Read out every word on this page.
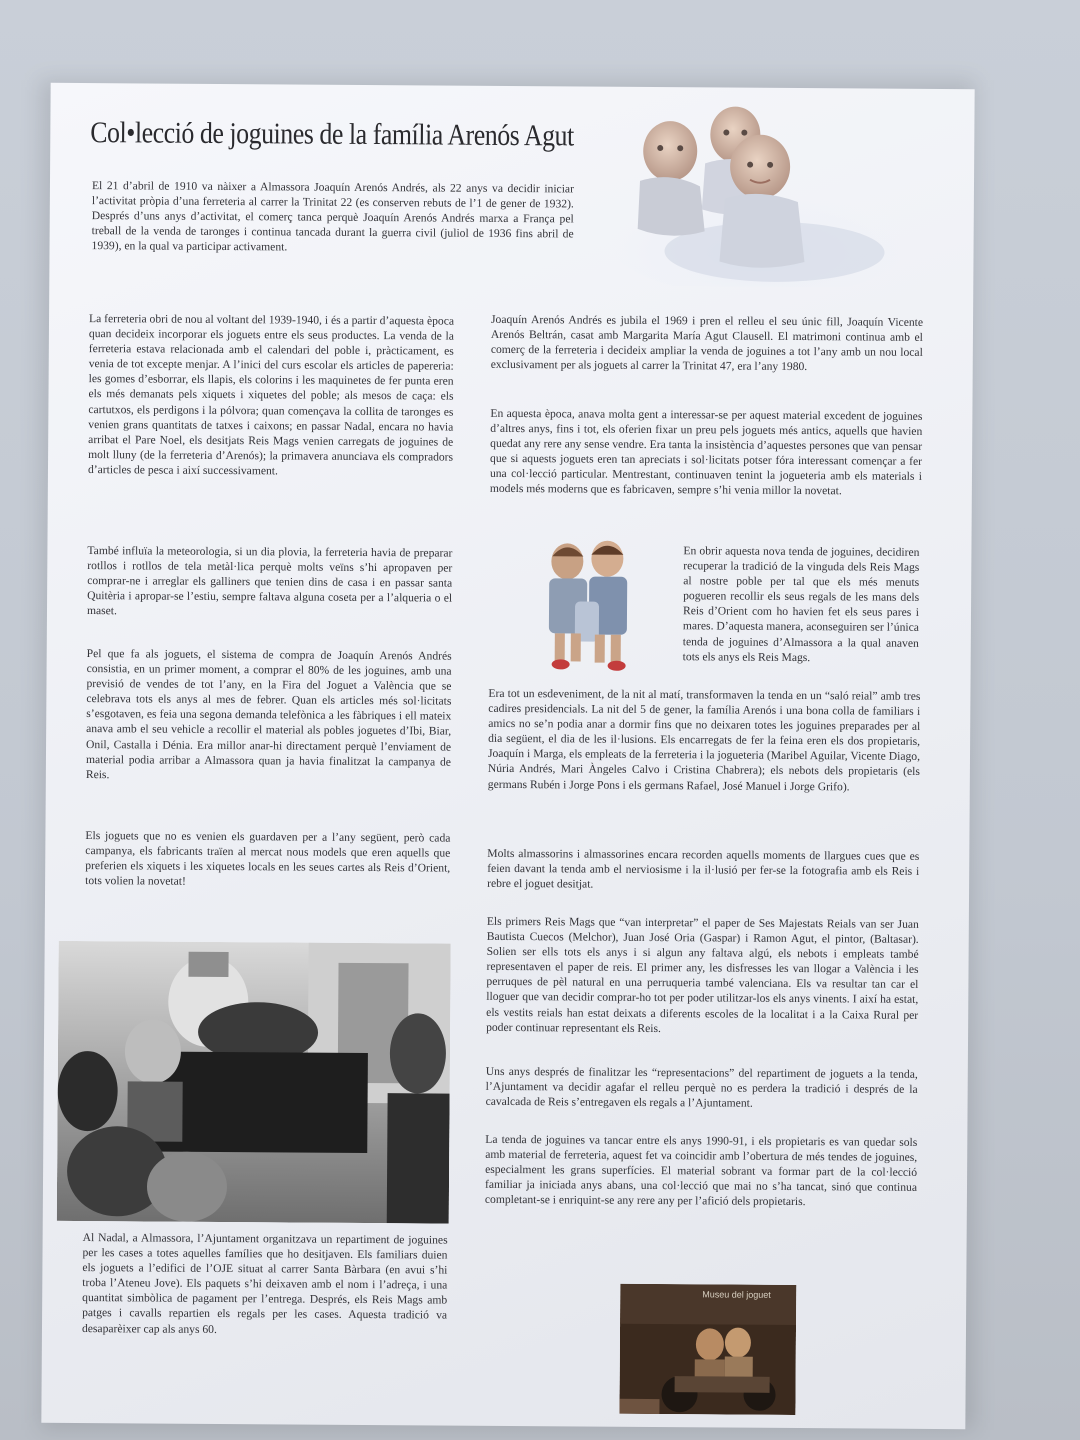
Col•lecció de joguines de la família Arenós Agut

El 21 d’abril de 1910 va nàixer a Almassora Joaquín Arenós Andrés, als 22 anys va decidir iniciar l’activitat pròpia d’una ferreteria al carrer la Trinitat 22 (es conserven rebuts de l’1 de gener de 1932). Després d’uns anys d’activitat, el comerç tanca perquè Joaquín Arenós Andrés marxa a França pel treball de la venda de taronges i continua tancada durant la guerra civil (juliol de 1936 fins abril de 1939), en la qual va participar activament.

La ferreteria obri de nou al voltant del 1939-1940, i és a partir d’aquesta època quan decideix incorporar els joguets entre els seus productes. La venda de la ferreteria estava relacionada amb el calendari del poble i, pràcticament, es venia de tot excepte menjar. A l’inici del curs escolar els articles de papereria: les gomes d’esborrar, els llapis, els colorins i les maquinetes de fer punta eren els més demanats pels xiquets i xiquetes del poble; als mesos de caça: els cartutxos, els perdigons i la pólvora; quan començava la collita de taronges es venien grans quantitats de tatxes i caixons; en passar Nadal, encara no havia arribat el Pare Noel, els desitjats Reis Mags venien carregats de joguines de molt lluny (de la ferreteria d’Arenós); la primavera anunciava els compradors d’articles de pesca i així successivament.

També influïa la meteorologia, si un dia plovia, la ferreteria havia de preparar rotllos i rotllos de tela metàl·lica perquè molts veïns s’hi apropaven per comprar-ne i arreglar els galliners que tenien dins de casa i en passar santa Quitèria i apropar-se l’estiu, sempre faltava alguna coseta per a l’alqueria o el maset.

Pel que fa als joguets, el sistema de compra de Joaquín Arenós Andrés consistia, en un primer moment, a comprar el 80% de les joguines, amb una previsió de vendes de tot l’any, en la Fira del Joguet a València que se celebrava tots els anys al mes de febrer. Quan els articles més sol·licitats s’esgotaven, es feia una segona demanda telefònica a les fàbriques i ell mateix anava amb el seu vehicle a recollir el material als pobles joguetes d’Ibi, Biar, Onil, Castalla i Dénia. Era millor anar-hi directament perquè l’enviament de material podia arribar a Almassora quan ja havia finalitzat la campanya de Reis.

Els joguets que no es venien els guardaven per a l’any següent, però cada campanya, els fabricants traïen al mercat nous models que eren aquells que preferien els xiquets i les xiquetes locals en les seues cartes als Reis d’Orient, tots volien la novetat!

Al Nadal, a Almassora, l’Ajuntament organitzava un repartiment de joguines per les cases a totes aquelles famílies que ho desitjaven. Els familiars duien els joguets a l’edifici de l’OJE situat al carrer Santa Bàrbara (en avui s’hi troba l’Ateneu Jove). Els paquets s’hi deixaven amb el nom i l’adreça, i una quantitat simbòlica de pagament per l’entrega. Després, els Reis Mags amb patges i cavalls repartien els regals per les cases. Aquesta tradició va desaparèixer cap als anys 60.

Joaquín Arenós Andrés es jubila el 1969 i pren el relleu el seu únic fill, Joaquín Vicente Arenós Beltrán, casat amb Margarita María Agut Clausell. El matrimoni continua amb el comerç de la ferreteria i decideix ampliar la venda de joguines a tot l’any amb un nou local exclusivament per als joguets al carrer la Trinitat 47, era l’any 1980.

En aquesta època, anava molta gent a interessar-se per aquest material excedent de joguines d’altres anys, fins i tot, els oferien fixar un preu pels joguets més antics, aquells que havien quedat any rere any sense vendre. Era tanta la insistència d’aquestes persones que van pensar que si aquests joguets eren tan apreciats i sol·licitats potser fóra interessant començar a fer una col·lecció particular. Mentrestant, continuaven tenint la jogueteria amb els materials i models més moderns que es fabricaven, sempre s’hi venia millor la novetat.

En obrir aquesta nova tenda de joguines, decidiren recuperar la tradició de la vinguda dels Reis Mags al nostre poble per tal que els més menuts pogueren recollir els seus regals de les mans dels Reis d’Orient com ho havien fet els seus pares i mares. D’aquesta manera, aconseguiren ser l’única tenda de joguines d’Almassora a la qual anaven tots els anys els Reis Mags.

Era tot un esdeveniment, de la nit al matí, transformaven la tenda en un “saló reial” amb tres cadires presidencials. La nit del 5 de gener, la família Arenós i una bona colla de familiars i amics no se’n podia anar a dormir fins que no deixaren totes les joguines preparades per al dia següent, el dia de les il·lusions. Els encarregats de fer la feina eren els dos propietaris, Joaquín i Marga, els empleats de la ferreteria i la jogueteria (Maribel Aguilar, Vicente Diago, Núria Andrés, Mari Àngeles Calvo i Cristina Chabrera); els nebots dels propietaris (els germans Rubén i Jorge Pons i els germans Rafael, José Manuel i Jorge Grifo).

Molts almassorins i almassorines encara recorden aquells moments de llargues cues que es feien davant la tenda amb el nerviosisme i la il·lusió per fer-se la fotografia amb els Reis i rebre el joguet desitjat.

Els primers Reis Mags que “van interpretar” el paper de Ses Majestats Reials van ser Juan Bautista Cuecos (Melchor), Juan José Oria (Gaspar) i Ramon Agut, el pintor, (Baltasar). Solien ser ells tots els anys i si algun any faltava algú, els nebots i empleats també representaven el paper de reis. El primer any, les disfresses les van llogar a València i les perruques de pèl natural en una perruqueria també valenciana. Els va resultar tan car el lloguer que van decidir comprar-ho tot per poder utilitzar-los els anys vinents. I així ha estat, els vestits reials han estat deixats a diferents escoles de la localitat i a la Caixa Rural per poder continuar representant els Reis.

Uns anys després de finalitzar les “representacions” del repartiment de joguets a la tenda, l’Ajuntament va decidir agafar el relleu perquè no es perdera la tradició i després de la cavalcada de Reis s’entregaven els regals a l’Ajuntament.

La tenda de joguines va tancar entre els anys 1990-91, i els propietaris es van quedar sols amb material de ferreteria, aquest fet va coincidir amb l’obertura de més tendes de joguines, especialment les grans superfícies. El material sobrant va formar part de la col·lecció familiar ja iniciada anys abans, una col·lecció que mai no s’ha tancat, sinó que continua completant-se i enriquint-se any rere any per l’afició dels propietaris.

Museu del joguet
